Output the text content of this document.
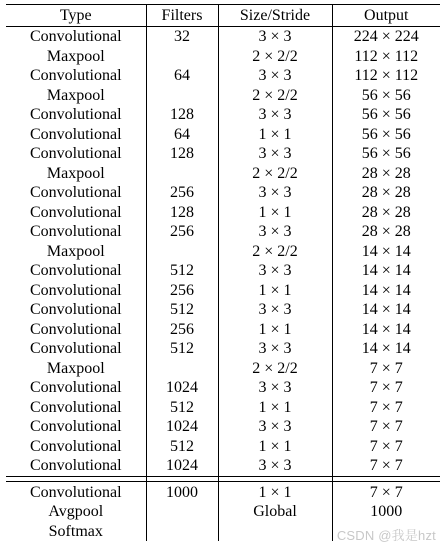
Type	Filters	Size/Stride	Output
Convolutional	32	3 × 3	224 × 224
Maxpool		2 × 2/2	112 × 112
Convolutional	64	3 × 3	112 × 112
Maxpool		2 × 2/2	56 × 56
Convolutional	128	3 × 3	56 × 56
Convolutional	64	1 × 1	56 × 56
Convolutional	128	3 × 3	56 × 56
Maxpool		2 × 2/2	28 × 28
Convolutional	256	3 × 3	28 × 28
Convolutional	128	1 × 1	28 × 28
Convolutional	256	3 × 3	28 × 28
Maxpool		2 × 2/2	14 × 14
Convolutional	512	3 × 3	14 × 14
Convolutional	256	1 × 1	14 × 14
Convolutional	512	3 × 3	14 × 14
Convolutional	256	1 × 1	14 × 14
Convolutional	512	3 × 3	14 × 14
Maxpool		2 × 2/2	7 × 7
Convolutional	1024	3 × 3	7 × 7
Convolutional	512	1 × 1	7 × 7
Convolutional	1024	3 × 3	7 × 7
Convolutional	512	1 × 1	7 × 7
Convolutional	1024	3 × 3	7 × 7

Convolutional	1000	1 × 1	7 × 7
Avgpool		Global	1000
Softmax				CSDN @我是hzt
